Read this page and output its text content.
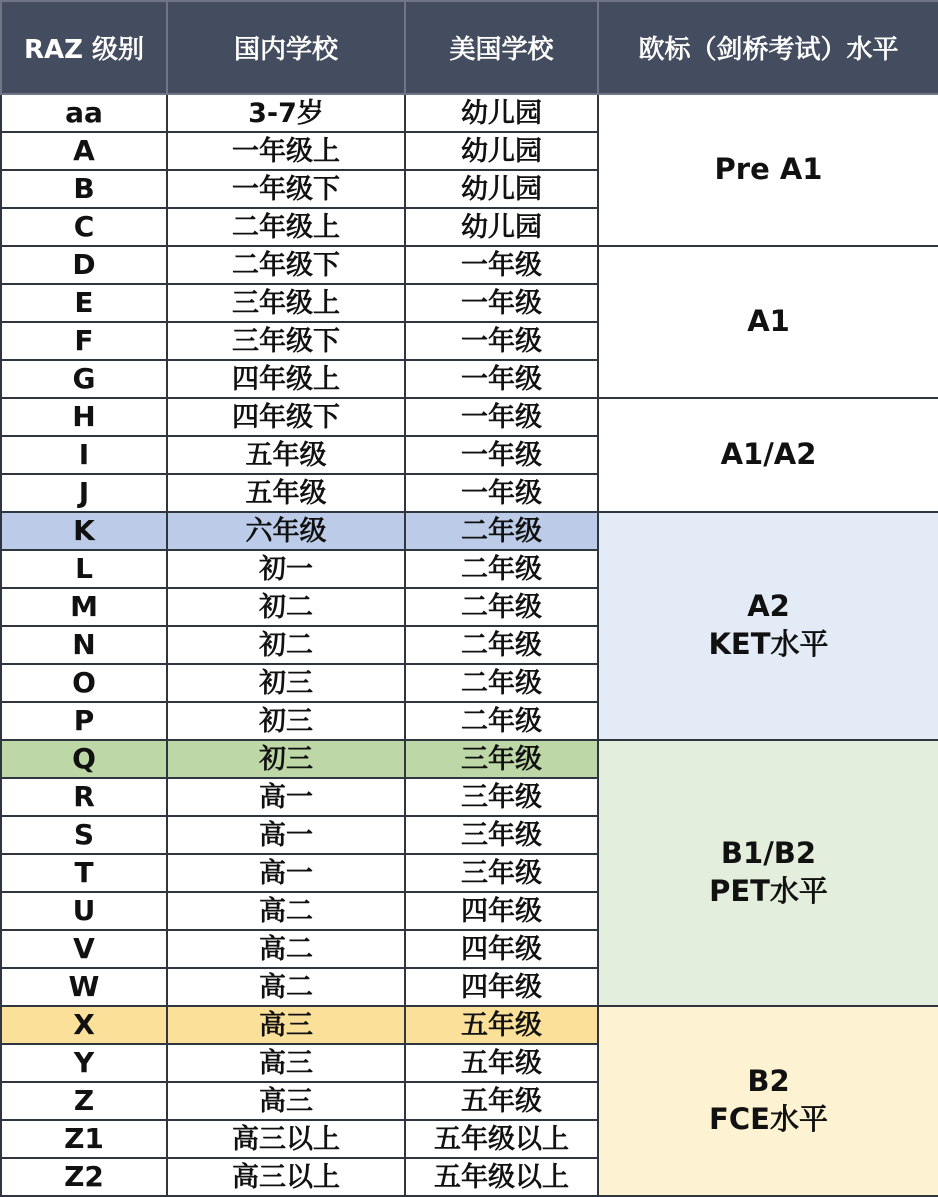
RAZ 级别	国内学校	美国学校	欧标（剑桥考试）水平
aa	3-7岁	幼儿园	Pre A1

A	一年级上	幼儿园	
B	一年级下	幼儿园	
C	二年级上	幼儿园	
D	二年级下	一年级	A1

E	三年级上	一年级	
F	三年级下	一年级	
G	四年级上	一年级	
H	四年级下	一年级	A1/A2

I	五年级	一年级	
J	五年级	一年级	
K	六年级	二年级	A2
KET水平

L	初一	二年级	
M	初二	二年级	
N	初二	二年级	
O	初三	二年级	
P	初三	二年级	
Q	初三	三年级	B1/B2
PET水平

R	高一	三年级	
S	高一	三年级	
T	高一	三年级	
U	高二	四年级	
V	高二	四年级	
W	高二	四年级	
X	高三	五年级	B2
FCE水平

Y	高三	五年级	
Z	高三	五年级	
Z1	高三以上	五年级以上	
Z2	高三以上	五年级以上	
